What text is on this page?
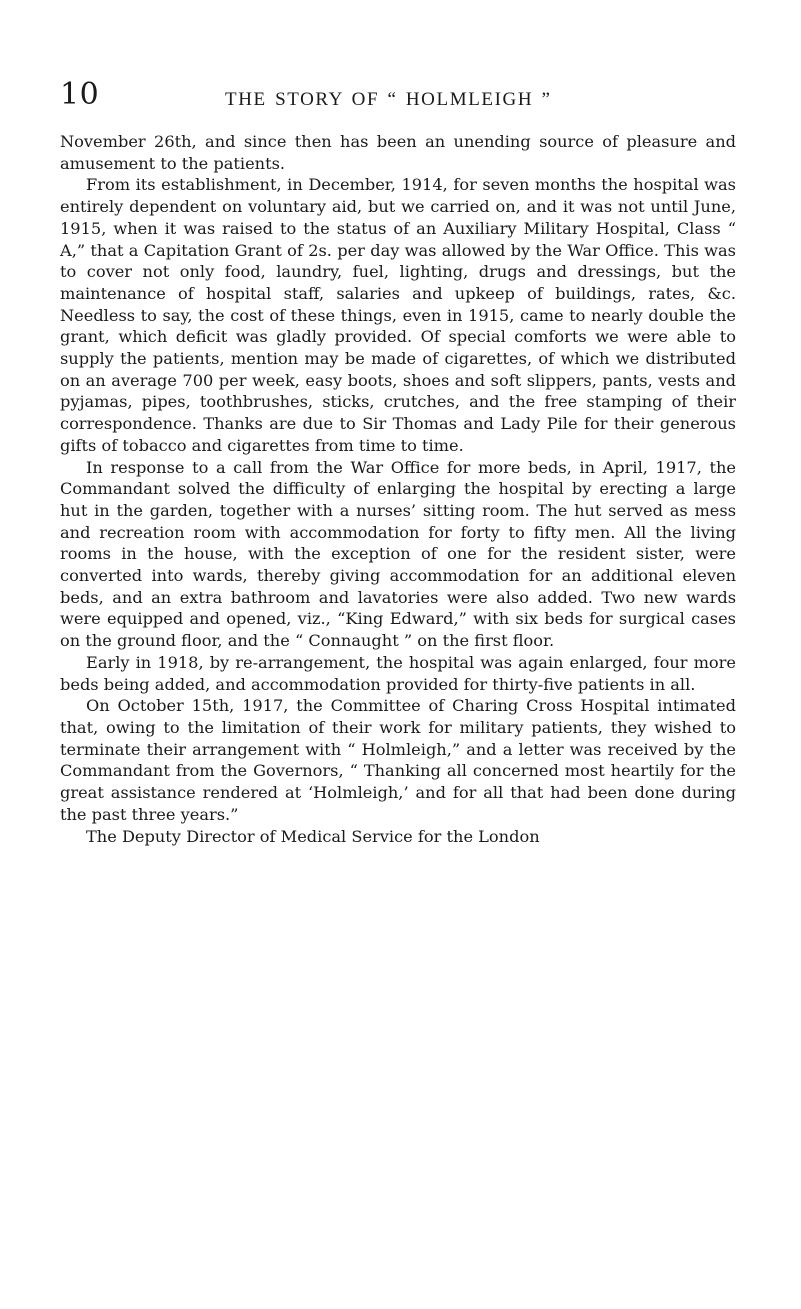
10	THE STORY OF “ HOLMLEIGH ”

November 26th, and since then has been an unending source of pleasure and amusement to the patients.

From its establishment, in December, 1914, for seven months the hospital was entirely dependent on voluntary aid, but we carried on, and it was not until June, 1915, when it was raised to the status of an Auxiliary Military Hospital, Class “ A,” that a Capitation Grant of 2s. per day was allowed by the War Office. This was to cover not only food, laundry, fuel, lighting, drugs and dressings, but the maintenance of hospital staff, salaries and upkeep of buildings, rates, &c. Needless to say, the cost of these things, even in 1915, came to nearly double the grant, which deficit was gladly provided. Of special comforts we were able to supply the patients, mention may be made of cigarettes, of which we distributed on an average 700 per week, easy boots, shoes and soft slippers, pants, vests and pyjamas, pipes, toothbrushes, sticks, crutches, and the free stamping of their correspondence. Thanks are due to Sir Thomas and Lady Pile for their generous gifts of tobacco and cigarettes from time to time.

In response to a call from the War Office for more beds, in April, 1917, the Commandant solved the difficulty of enlarging the hospital by erecting a large hut in the garden, together with a nurses’ sitting room. The hut served as mess and recreation room with accommodation for forty to fifty men. All the living rooms in the house, with the exception of one for the resident sister, were converted into wards, thereby giving accommodation for an additional eleven beds, and an extra bathroom and lavatories were also added. Two new wards were equipped and opened, viz., “King Edward,” with six beds for surgical cases on the ground floor, and the “ Connaught ” on the first floor.

Early in 1918, by re-arrangement, the hospital was again enlarged, four more beds being added, and accommodation provided for thirty-five patients in all.

On October 15th, 1917, the Committee of Charing Cross Hospital intimated that, owing to the limitation of their work for military patients, they wished to terminate their arrangement with “ Holmleigh,” and a letter was received by the Commandant from the Governors, “ Thanking all concerned most heartily for the great assistance rendered at ‘Holmleigh,’ and for all that had been done during the past three years.”

The Deputy Director of Medical Service for the London
